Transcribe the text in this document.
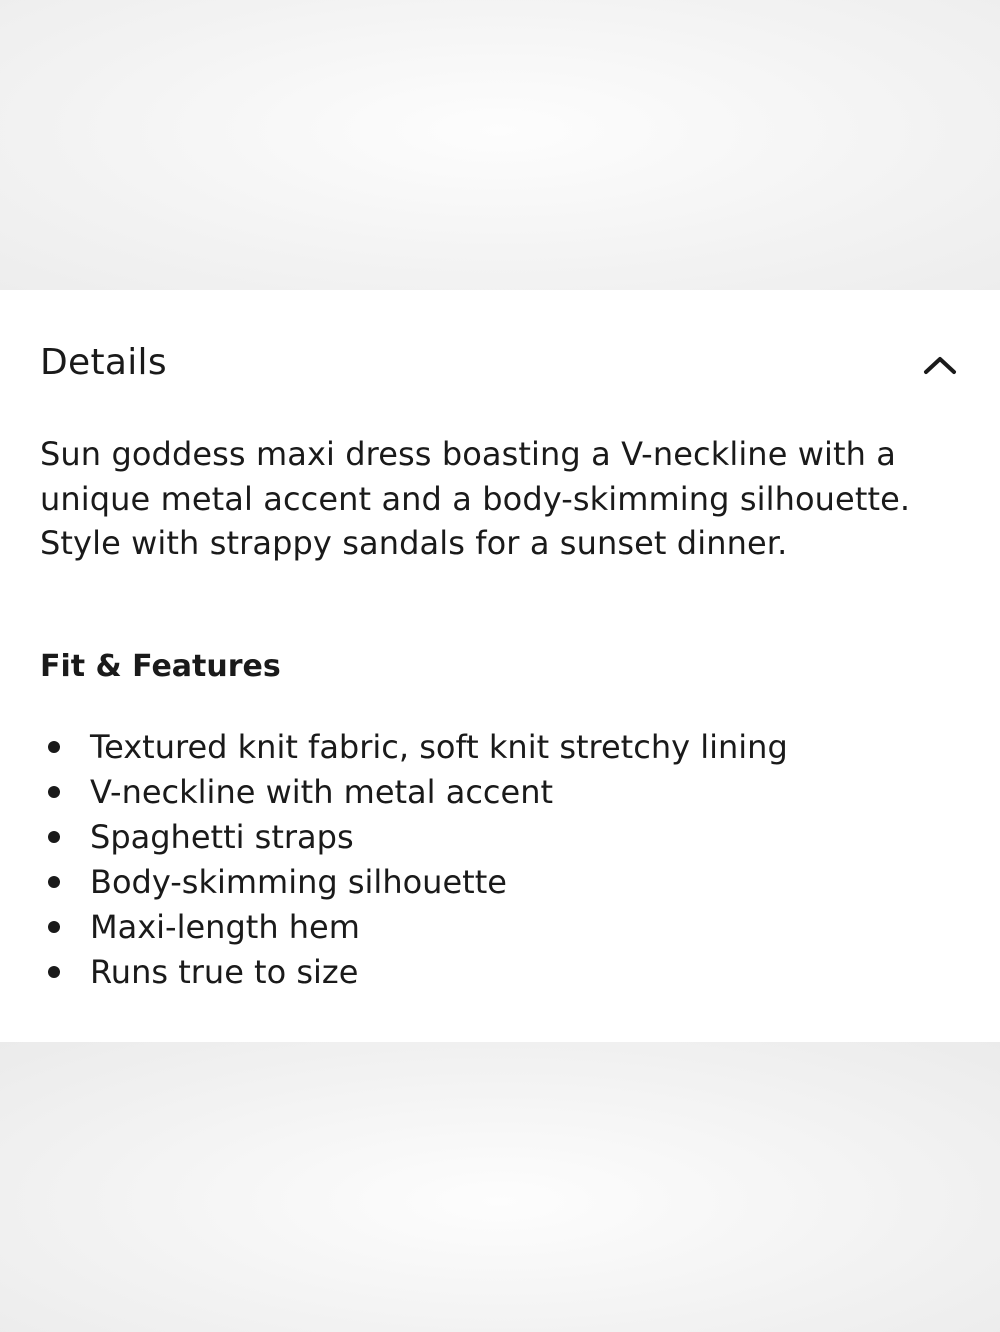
Details

Sun goddess maxi dress boasting a V-neckline with a unique metal accent and a body-skimming silhouette. Style with strappy sandals for a sunset dinner.

Fit & Features
Textured knit fabric, soft knit stretchy lining
V-neckline with metal accent
Spaghetti straps
Body-skimming silhouette
Maxi-length hem
Runs true to size
